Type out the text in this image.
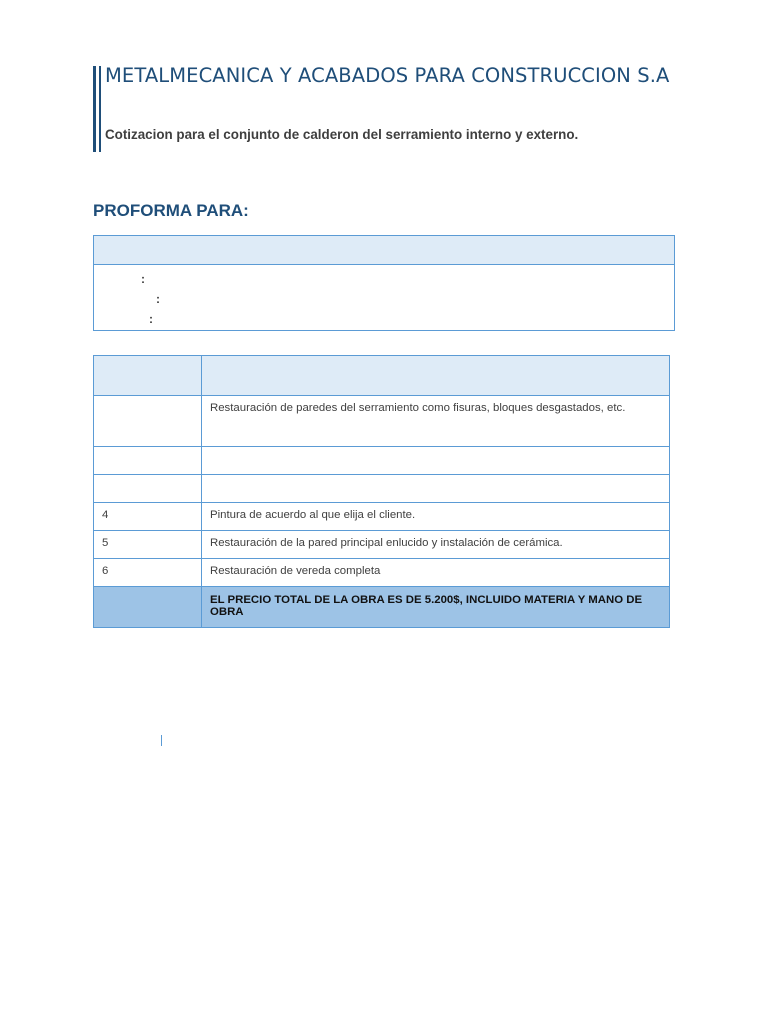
METALMECANICA Y ACABADOS PARA CONSTRUCCION S.A
Cotizacion para el conjunto de calderon del serramiento interno y externo.
PROFORMA PARA:
:
:
:

	Restauración de paredes del serramiento como fisuras, bloques desgastados, etc.

4	Pintura de acuerdo al que elija el cliente.
5	Restauración de la pared principal enlucido y instalación de cerámica.
6	Restauración de vereda completa
	EL PRECIO TOTAL DE LA OBRA ES DE 5.200$, INCLUIDO MATERIA Y MANO DE OBRA
